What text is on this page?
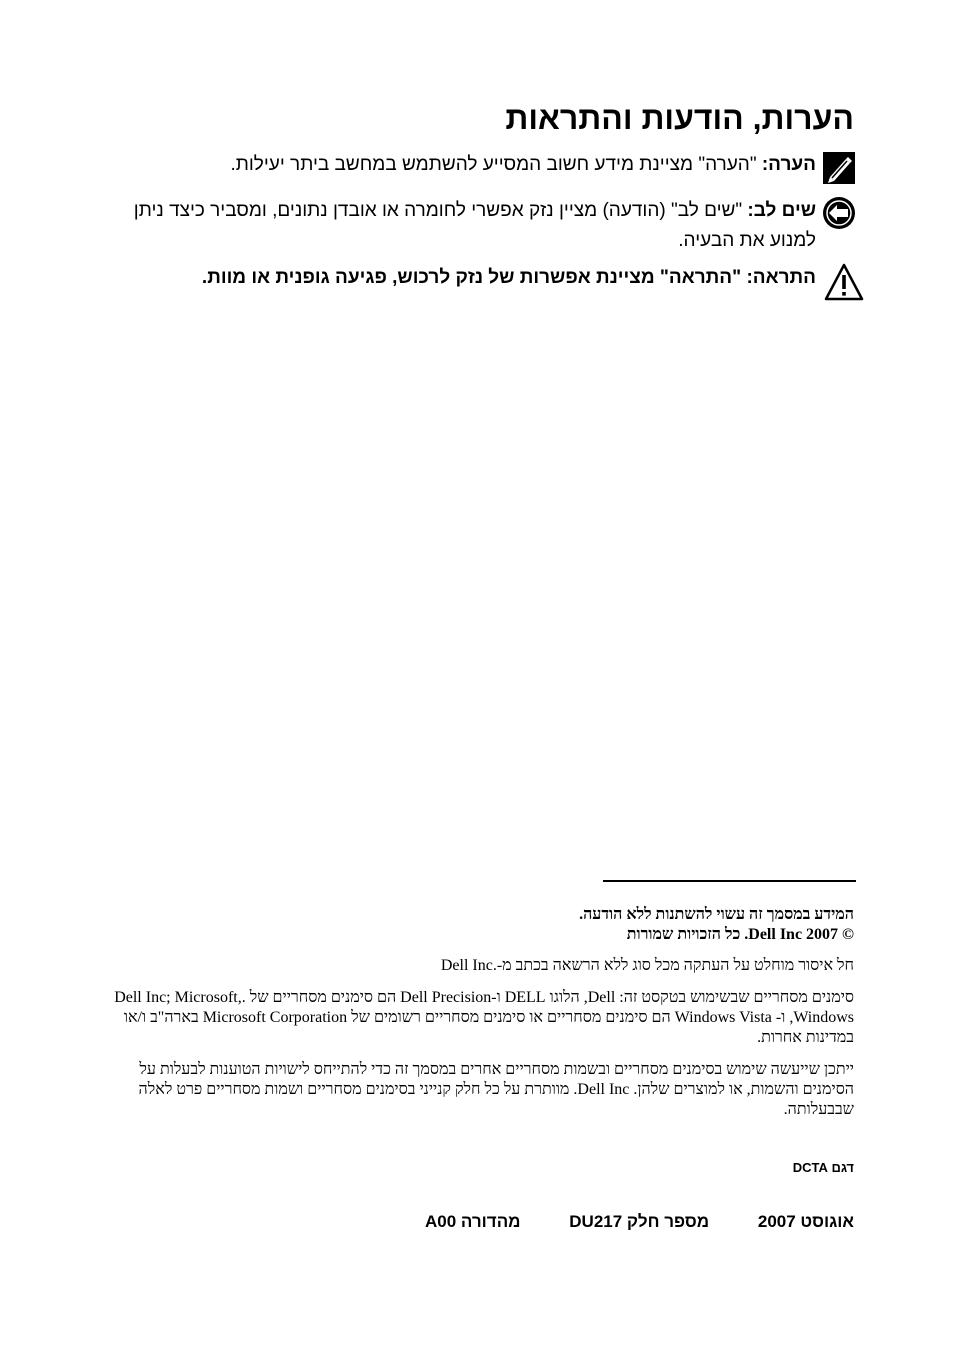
הערות, הודעות והתראות
הערה: "הערה" מציינת מידע חשוב המסייע להשתמש במחשב ביתר יעילות.
שים לב: "שים לב" (הודעה) מציין נזק אפשרי לחומרה או אובדן נתונים, ומסביר כיצד ניתן למנוע את הבעיה.
התראה: "התראה" מציינת אפשרות של נזק לרכוש, פגיעה גופנית או מוות.
המידע במסמך זה עשוי להשתנות ללא הודעה.
© 2007 Dell Inc. כל הזכויות שמורות
חל איסור מוחלט על העתקה מכל סוג ללא הרשאה בכתב מ-.Dell Inc
סימנים מסחריים שבשימוש בטקסט זה: Dell, הלוגו DELL ו-Dell Precision הם סימנים מסחריים של .Dell Inc; Microsoft, Windows, ו- Windows Vista הם סימנים מסחריים או סימנים מסחריים רשומים של Microsoft Corporation בארה"ב ו/או במדינות אחרות.
ייתכן שייעשה שימוש בסימנים מסחריים ובשמות מסחריים אחרים במסמך זה כדי להתייחס לישויות הטוענות לבעלות על הסימנים והשמות, או למוצרים שלהן. Dell Inc. מוותרת על כל חלק קנייני בסימנים מסחריים ושמות מסחריים פרט לאלה שבבעלותה.
דגם DCTA
אוגוסט 2007 מספר חלק DU217 מהדורה A00
